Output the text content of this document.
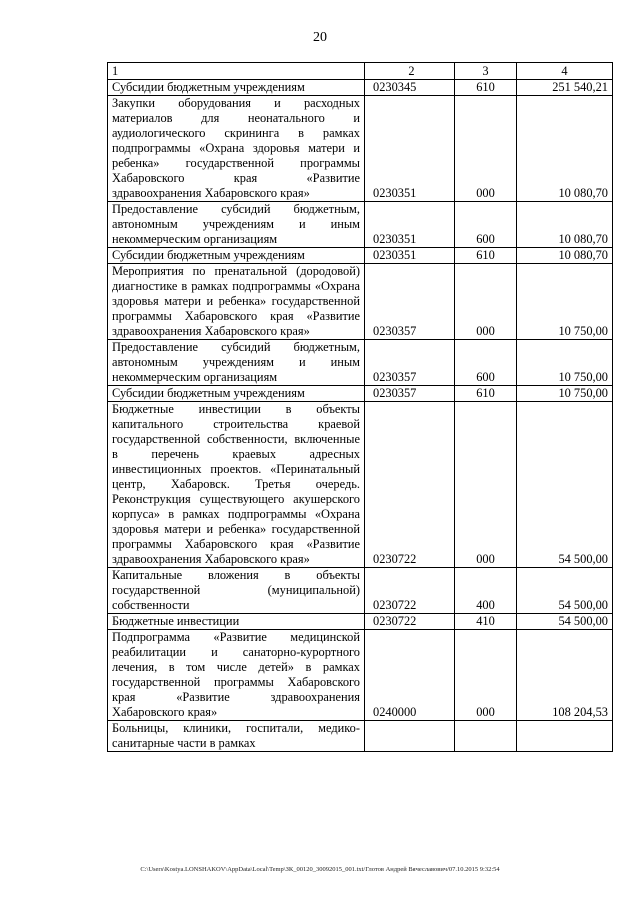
20
1	2	3	4
Субсидии бюджетным учреждениям	0230345	610	251 540,21
Закупки оборудования и расходных материалов для неонатального и аудиологического скрининга в рамках подпрограммы «Охрана здоровья матери и ребенка» государственной программы Хабаровского края «Развитие здравоохранения Хабаровского края»	0230351	000	10 080,70
Предоставление субсидий бюджетным, автономным учреждениям и иным некоммерческим организациям	0230351	600	10 080,70
Субсидии бюджетным учреждениям	0230351	610	10 080,70
Мероприятия по пренатальной (дородовой) диагностике в рамках подпрограммы «Охрана здоровья матери и ребенка» государственной программы Хабаровского края «Развитие здравоохранения Хабаровского края»	0230357	000	10 750,00
Предоставление субсидий бюджетным, автономным учреждениям и иным некоммерческим организациям	0230357	600	10 750,00
Субсидии бюджетным учреждениям	0230357	610	10 750,00
Бюджетные инвестиции в объекты капитального строительства краевой государственной собственности, включенные в перечень краевых адресных инвестиционных проектов. «Перинатальный центр, Хабаровск. Третья очередь. Реконструкция существующего акушерского корпуса» в рамках подпрограммы «Охрана здоровья матери и ребенка» государственной программы Хабаровского края «Развитие здравоохранения Хабаровского края»	0230722	000	54 500,00
Капитальные вложения в объекты государственной (муниципальной) собственности	0230722	400	54 500,00
Бюджетные инвестиции	0230722	410	54 500,00
Подпрограмма «Развитие медицинской реабилитации и санаторно-курортного лечения, в том числе детей» в рамках государственной программы Хабаровского края «Развитие здравоохранения Хабаровского края»	0240000	000	108 204,53
Больницы, клиники, госпитали, медико-санитарные части в рамках			
C:\Users\Kostya.LONSHAKOV\AppData\Local\Temp\ЗК_00120_30092015_001.txt/Глотов Андрей Вячеславович/07.10.2015 9:32:54
